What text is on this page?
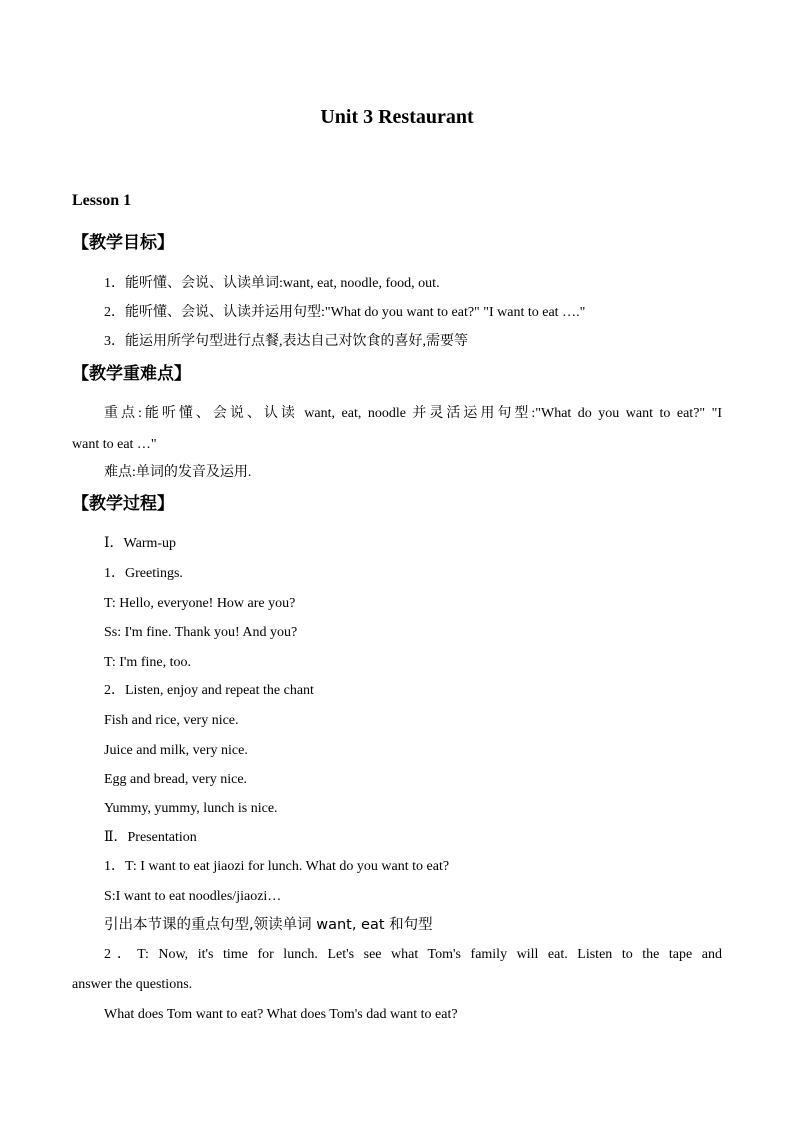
Unit 3 Restaurant
Lesson 1
【教学目标】
1．能听懂、会说、认读单词:want, eat, noodle, food, out.
2．能听懂、会说、认读并运用句型:"What do you want to eat?" "I want to eat …."
3．能运用所学句型进行点餐,表达自己对饮食的喜好,需要等
【教学重难点】
重点:能听懂、会说、认读 want, eat, noodle 并灵活运用句型:"What do you want to eat?" "I
want to eat …"
难点:单词的发音及运用.
【教学过程】
Ⅰ．Warm-up
1．Greetings.
T: Hello, everyone! How are you?
Ss: I'm fine. Thank you! And you?
T: I'm fine, too.
2．Listen, enjoy and repeat the chant
Fish and rice, very nice.
Juice and milk, very nice.
Egg and bread, very nice.
Yummy, yummy, lunch is nice.
Ⅱ．Presentation
1．T: I want to eat jiaozi for lunch. What do you want to eat?
S:I want to eat noodles/jiaozi…
引出本节课的重点句型,领读单词 want, eat 和句型
2．T: Now, it's time for lunch. Let's see what Tom's family will eat. Listen to the tape and
answer the questions.
What does Tom want to eat? What does Tom's dad want to eat?
